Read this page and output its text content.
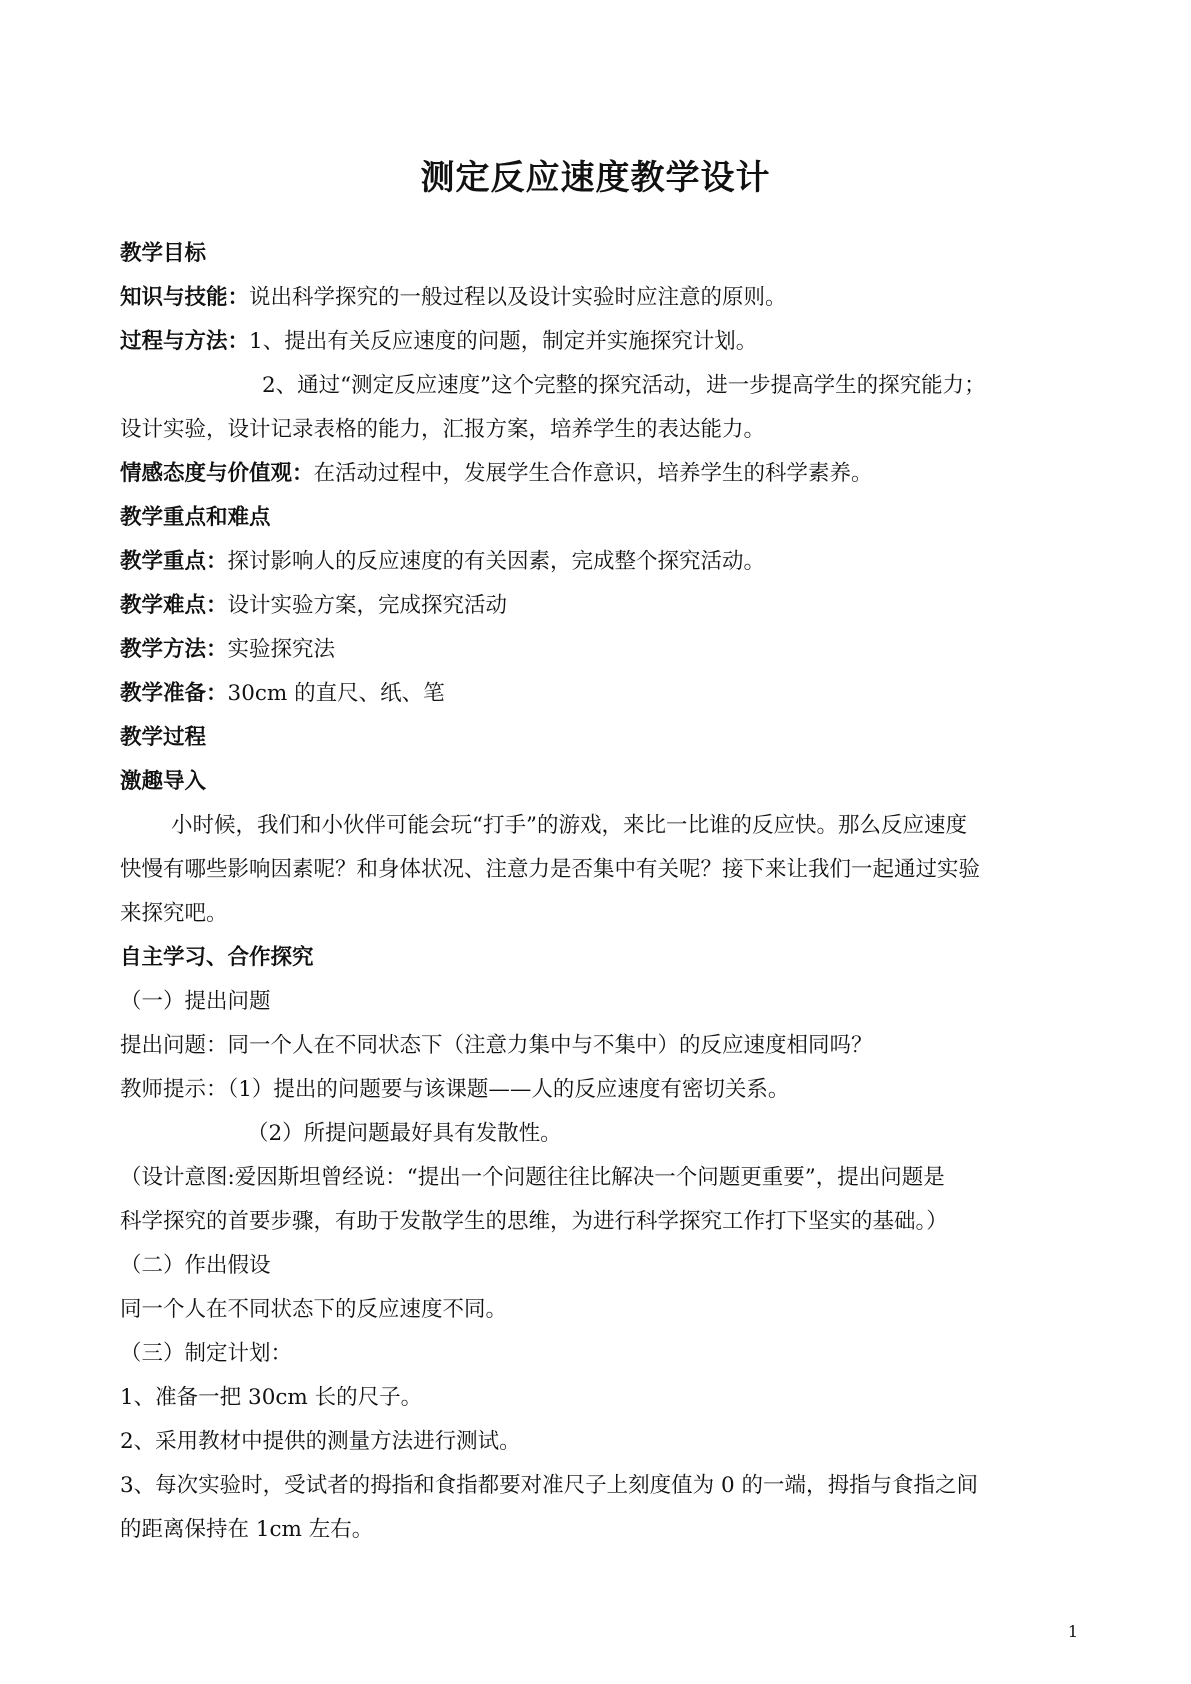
测定反应速度教学设计
教学目标
知识与技能：说出科学探究的一般过程以及设计实验时应注意的原则。
过程与方法：1、提出有关反应速度的问题，制定并实施探究计划。
2、通过“测定反应速度”这个完整的探究活动，进一步提高学生的探究能力；
设计实验，设计记录表格的能力，汇报方案，培养学生的表达能力。
情感态度与价值观：在活动过程中，发展学生合作意识，培养学生的科学素养。
教学重点和难点
教学重点：探讨影响人的反应速度的有关因素，完成整个探究活动。
教学难点：设计实验方案，完成探究活动
教学方法：实验探究法
教学准备：30cm 的直尺、纸、笔
教学过程
激趣导入
小时候，我们和小伙伴可能会玩“打手”的游戏，来比一比谁的反应快。那么反应速度
快慢有哪些影响因素呢？和身体状况、注意力是否集中有关呢？接下来让我们一起通过实验
来探究吧。
自主学习、合作探究
（一）提出问题
提出问题：同一个人在不同状态下（注意力集中与不集中）的反应速度相同吗？
教师提示：（1）提出的问题要与该课题——人的反应速度有密切关系。
（2）所提问题最好具有发散性。
（设计意图:爱因斯坦曾经说：“提出一个问题往往比解决一个问题更重要”，提出问题是
科学探究的首要步骤，有助于发散学生的思维，为进行科学探究工作打下坚实的基础。）
（二）作出假设
同一个人在不同状态下的反应速度不同。
（三）制定计划：
1、准备一把 30cm 长的尺子。
2、采用教材中提供的测量方法进行测试。
3、每次实验时，受试者的拇指和食指都要对准尺子上刻度值为 0 的一端，拇指与食指之间
的距离保持在 1cm 左右。
1
